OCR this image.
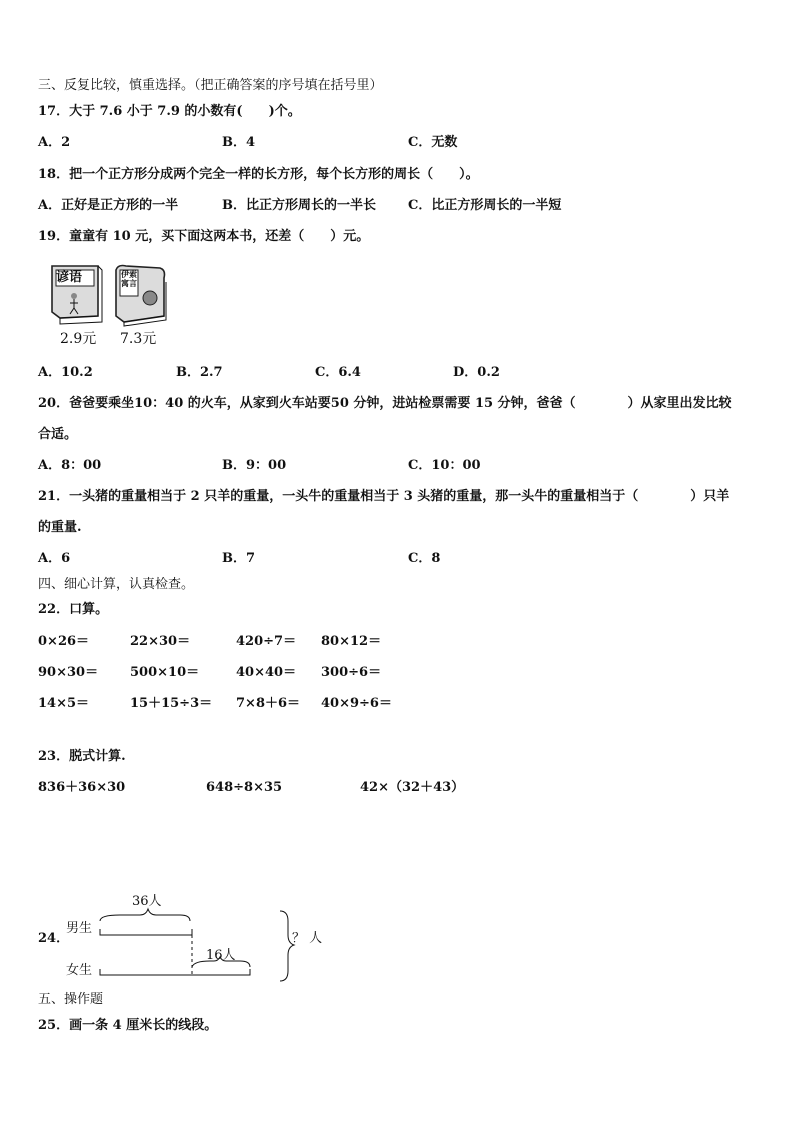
三、反复比较，慎重选择。（把正确答案的序号填在括号里）
17．大于 7.6 小于 7.9 的小数有(　　)个。
A．2	B．4	C．无数
18．把一个正方形分成两个完全一样的长方形，每个长方形的周长（　　）。
A．正好是正方形的一半	B．比正方形周长的一半长 C．比正方形周长的一半短
19．童童有 10 元，买下面这两本书，还差（　　）元。
谚语
2.9元
伊索寓言
7.3元
A．10.2	B．2.7	C．6.4	D．0.2
20．爸爸要乘坐10：40 的火车，从家到火车站要50 分钟，进站检票需要 15 分钟，爸爸（　　　　）从家里出发比较
合适。
A．8：00	B．9：00	C．10：00
21．一头猪的重量相当于 2 只羊的重量，一头牛的重量相当于 3 头猪的重量，那一头牛的重量相当于（　　　　）只羊
的重量.
A．6	B．7	C．8
四、细心计算，认真检查。
22．口算。
0×26＝	22×30＝	420÷7＝ 80×12＝
90×30＝ 500×10＝	40×40＝ 300÷6＝
14×5＝	15＋15÷3＝ 7×8＋6＝ 40×9÷6＝
23．脱式计算.
836＋36×30	648÷8×35	42×（32＋43）
24．
男生
女生
36人
16人
？ 人
五、操作题
25．画一条 4 厘米长的线段。
